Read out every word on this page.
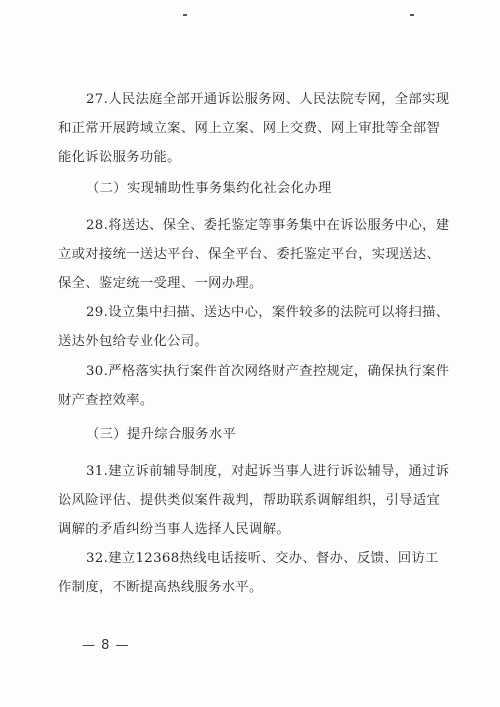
27.人民法庭全部开通诉讼服务网、人民法院专网，全部实现和正常开展跨域立案、网上立案、网上交费、网上审批等全部智能化诉讼服务功能。

（二）实现辅助性事务集约化社会化办理

28.将送达、保全、委托鉴定等事务集中在诉讼服务中心，建立或对接统一送达平台、保全平台、委托鉴定平台，实现送达、保全、鉴定统一受理、一网办理。

29.设立集中扫描、送达中心，案件较多的法院可以将扫描、送达外包给专业化公司。

30.严格落实执行案件首次网络财产查控规定，确保执行案件财产查控效率。

（三）提升综合服务水平

31.建立诉前辅导制度，对起诉当事人进行诉讼辅导，通过诉讼风险评估、提供类似案件裁判，帮助联系调解组织，引导适宜调解的矛盾纠纷当事人选择人民调解。

32.建立12368热线电话接听、交办、督办、反馈、回访工作制度，不断提高热线服务水平。

— 8 —
